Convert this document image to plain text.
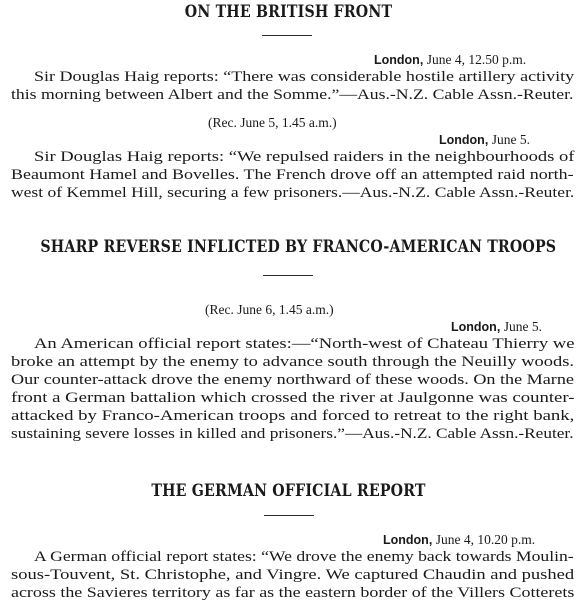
ON THE BRITISH FRONT
London, June 4, 12.50 p.m.
Sir Douglas Haig reports: “There was considerable hostile artillery activity
this morning between Albert and the Somme.”—Aus.-N.Z. Cable Assn.-Reuter.
(Rec. June 5, 1.45 a.m.)
London, June 5.
Sir Douglas Haig reports: “We repulsed raiders in the neighbourhoods of
Beaumont Hamel and Bovelles. The French drove off an attempted raid north-
west of Kemmel Hill, securing a few prisoners.—Aus.-N.Z. Cable Assn.-Reuter.
SHARP REVERSE INFLICTED BY FRANCO-AMERICAN TROOPS
(Rec. June 6, 1.45 a.m.)
London, June 5.
An American official report states:—“North-west of Chateau Thierry we
broke an attempt by the enemy to advance south through the Neuilly woods.
Our counter-attack drove the enemy northward of these woods. On the Marne
front a German battalion which crossed the river at Jaulgonne was counter-
attacked by Franco-American troops and forced to retreat to the right bank,
sustaining severe losses in killed and prisoners.”—Aus.-N.Z. Cable Assn.-Reuter.
THE GERMAN OFFICIAL REPORT
London, June 4, 10.20 p.m.
A German official report states: “We drove the enemy back towards Moulin-
sous-Touvent, St. Christophe, and Vingre. We captured Chaudin and pushed
across the Savieres territory as far as the eastern border of the Villers Cotterets
